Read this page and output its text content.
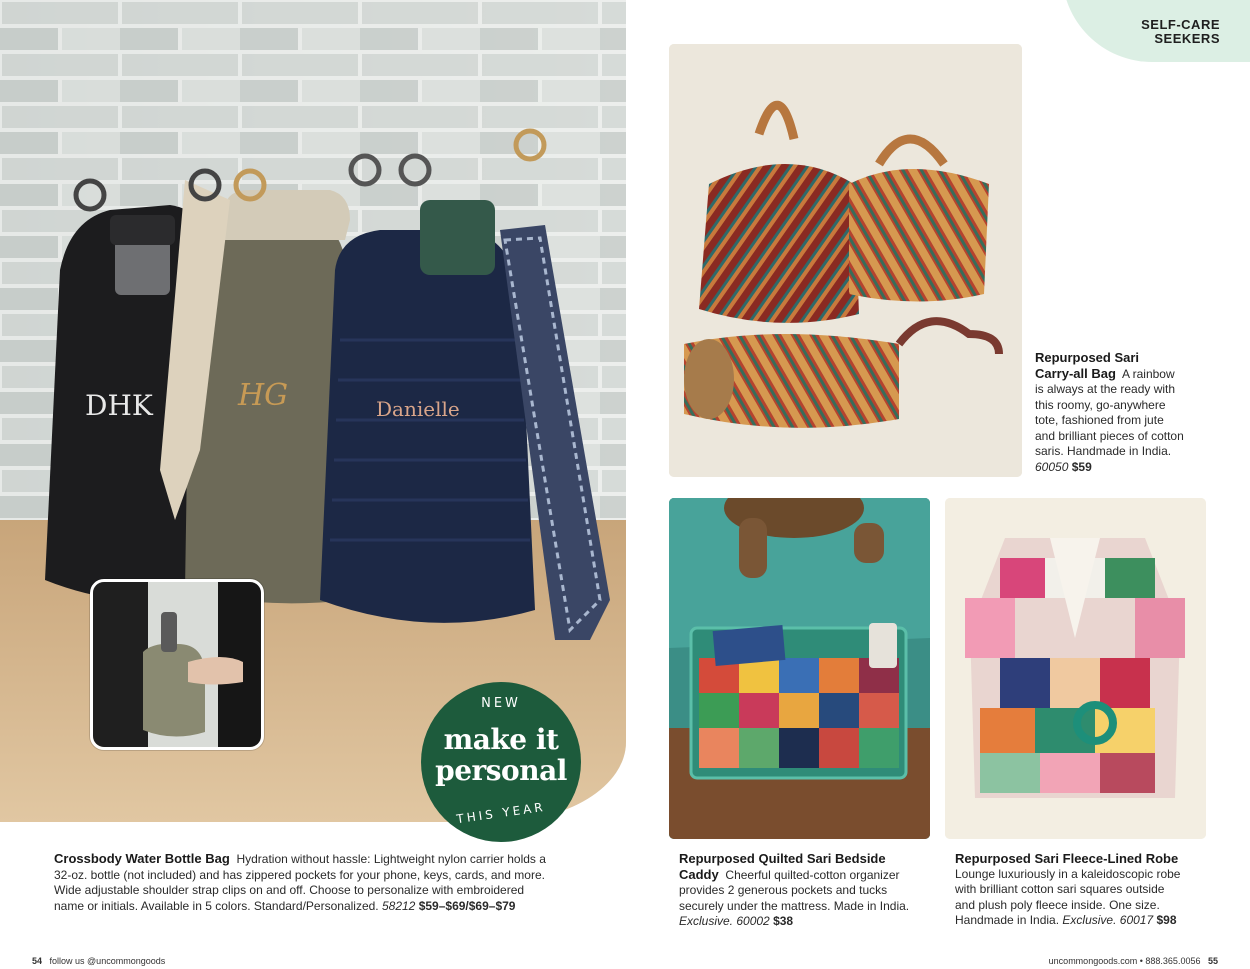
DHK	HG	Danielle
NEW
make it
personal
THIS YEAR
SELF-CARE
SEEKERS
Repurposed Sari
Carry-all Bag A rainbow
is always at the ready with
this roomy, go-anywhere
tote, fashioned from jute
and brilliant pieces of cotton
saris. Handmade in India.
60050 $59
Crossbody Water Bottle Bag Hydration without hassle: Lightweight nylon carrier holds a
32-oz. bottle (not included) and has zippered pockets for your phone, keys, cards, and more.
Wide adjustable shoulder strap clips on and off. Choose to personalize with embroidered
name or initials. Available in 5 colors. Standard/Personalized. 58212 $59–$69/$69–$79
Repurposed Quilted Sari Bedside
Caddy Cheerful quilted-cotton organizer
provides 2 generous pockets and tucks
securely under the mattress. Made in India.
Exclusive. 60002 $38
Repurposed Sari Fleece-Lined Robe
Lounge luxuriously in a kaleidoscopic robe
with brilliant cotton sari squares outside
and plush poly fleece inside. One size.
Handmade in India. Exclusive. 60017 $98
54 follow us @uncommongoods	uncommongoods.com • 888.365.0056 55
